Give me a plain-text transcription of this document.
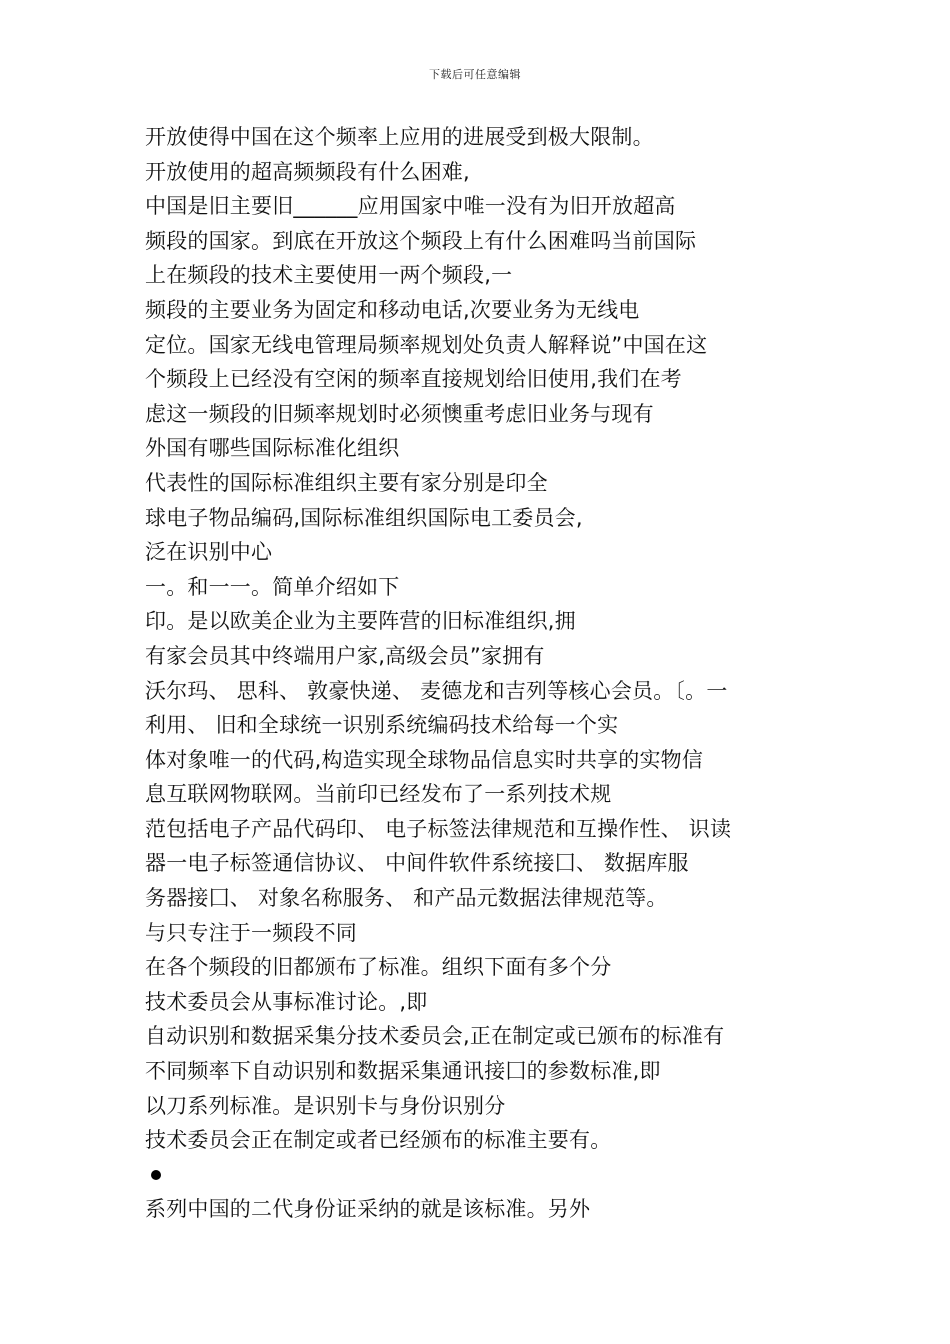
下载后可任意编辑
开放使得中国在这个频率上应用的进展受到极大限制。
开放使用的超高频频段有什么困难,
中国是旧主要旧______应用国家中唯一没有为旧开放超高
频段的国家。到底在开放这个频段上有什么困难吗当前国际
上在频段的技术主要使用一两个频段,一
频段的主要业务为固定和移动电话,次要业务为无线电
定位。国家无线电管理局频率规划处负责人解释说”中国在这
个频段上已经没有空闲的频率直接规划给旧使用,我们在考
虑这一频段的旧频率规划时必须懊重考虑旧业务与现有
外国有哪些国际标准化组织
代表性的国际标准组织主要有家分别是印全
球电子物品编码,国际标准组织国际电工委员会,
泛在识别中心
一。和一一。简单介绍如下
印。是以欧美企业为主要阵营的旧标准组织,拥
有家会员其中终端用户家,高级会员”家拥有
沃尔玛、 思科、 敦豪快递、 麦德龙和吉列等核心会员。〔。一
利用、 旧和全球统一识别系统编码技术给每一个实
体对象唯一的代码,构造实现全球物品信息实时共享的实物信
息互联网物联网。当前印已经发布了一系列技术规
范包括电子产品代码印、 电子标签法律规范和互操作性、 识读
器一电子标签通信协议、 中间件软件系统接囗、 数据库服
务器接囗、 对象名称服务、 和产品元数据法律规范等。
与只专注于一频段不同
在各个频段的旧都颁布了标准。组织下面有多个分
技术委员会从事标准讨论。,即
自动识别和数据采集分技术委员会,正在制定或已颁布的标准有
不同频率下自动识别和数据采集通讯接囗的参数标准,即
以刀系列标准。是识别卡与身份识别分
技术委员会正在制定或者已经颁布的标准主要有。
系列中国的二代身份证采纳的就是该标准。另外
